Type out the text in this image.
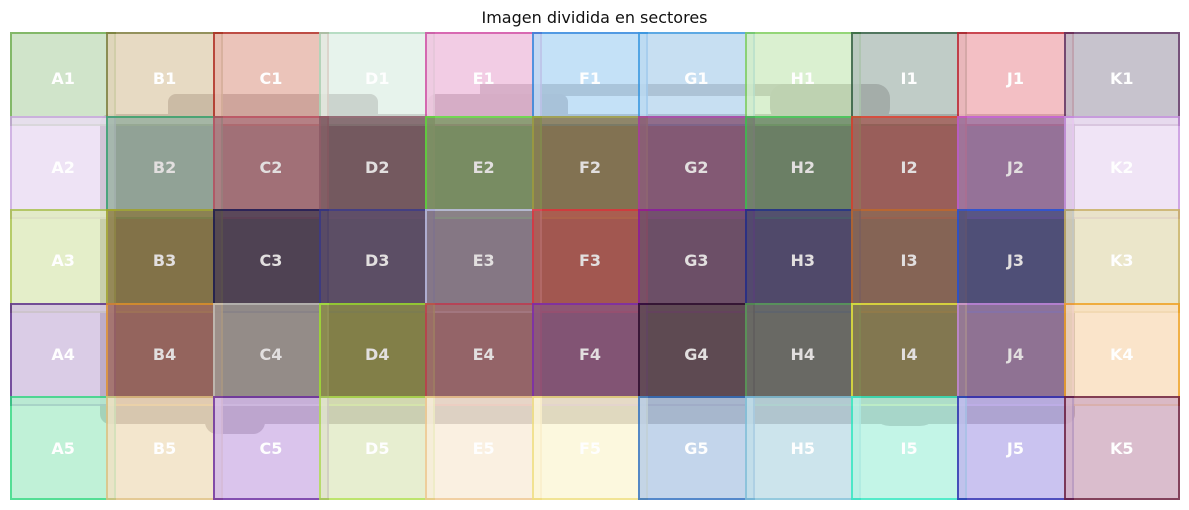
Imagen dividida en sectores
A1	B1	C1	D1	E1	F1	G1	H1	I1	J1	K1
A2	B2	C2	D2	E2	F2	G2	H2	I2	J2	K2
A3	B3	C3	D3	E3	F3	G3	H3	I3	J3	K3
A4	B4	C4	D4	E4	F4	G4	H4	I4	J4	K4
A5	B5	C5	D5	E5	F5	G5	H5	I5	J5	K5
